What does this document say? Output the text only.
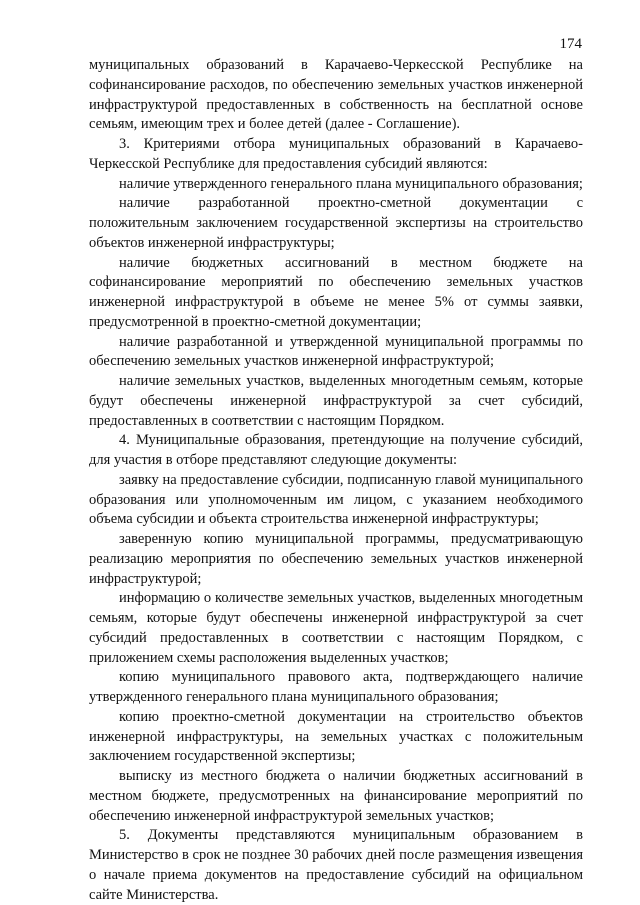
174

муниципальных образований в Карачаево-Черкесской Республике на софинансирование расходов, по обеспечению земельных участков инженерной инфраструктурой предоставленных в собственность на бесплатной основе семьям, имеющим трех и более детей (далее - Соглашение).

3. Критериями отбора муниципальных образований в Карачаево-Черкесской Республике для предоставления субсидий являются:

наличие утвержденного генерального плана муниципального образования;

наличие разработанной проектно-сметной документации с положительным заключением государственной экспертизы на строительство объектов инженерной инфраструктуры;

наличие бюджетных ассигнований в местном бюджете на софинансирование мероприятий по обеспечению земельных участков инженерной инфраструктурой в объеме не менее 5% от суммы заявки, предусмотренной в проектно-сметной документации;

наличие разработанной и утвержденной муниципальной программы по обеспечению земельных участков инженерной инфраструктурой;

наличие земельных участков, выделенных многодетным семьям, которые будут обеспечены инженерной инфраструктурой за счет субсидий, предоставленных в соответствии с настоящим Порядком.

4. Муниципальные образования, претендующие на получение субсидий, для участия в отборе представляют следующие документы:

заявку на предоставление субсидии, подписанную главой муниципального образования или уполномоченным им лицом, с указанием необходимого объема субсидии и объекта строительства инженерной инфраструктуры;

заверенную копию муниципальной программы, предусматривающую реализацию мероприятия по обеспечению земельных участков инженерной инфраструктурой;

информацию о количестве земельных участков, выделенных многодетным семьям, которые будут обеспечены инженерной инфраструктурой за счет субсидий предоставленных в соответствии с настоящим Порядком, с приложением схемы расположения выделенных участков;

копию муниципального правового акта, подтверждающего наличие утвержденного генерального плана муниципального образования;

копию проектно-сметной документации на строительство объектов инженерной инфраструктуры, на земельных участках с положительным заключением государственной экспертизы;

выписку из местного бюджета о наличии бюджетных ассигнований в местном бюджете, предусмотренных на финансирование мероприятий по обеспечению инженерной инфраструктурой земельных участков;

5. Документы представляются муниципальным образованием в Министерство в срок не позднее 30 рабочих дней после размещения извещения о начале приема документов на предоставление субсидий на официальном сайте Министерства.
